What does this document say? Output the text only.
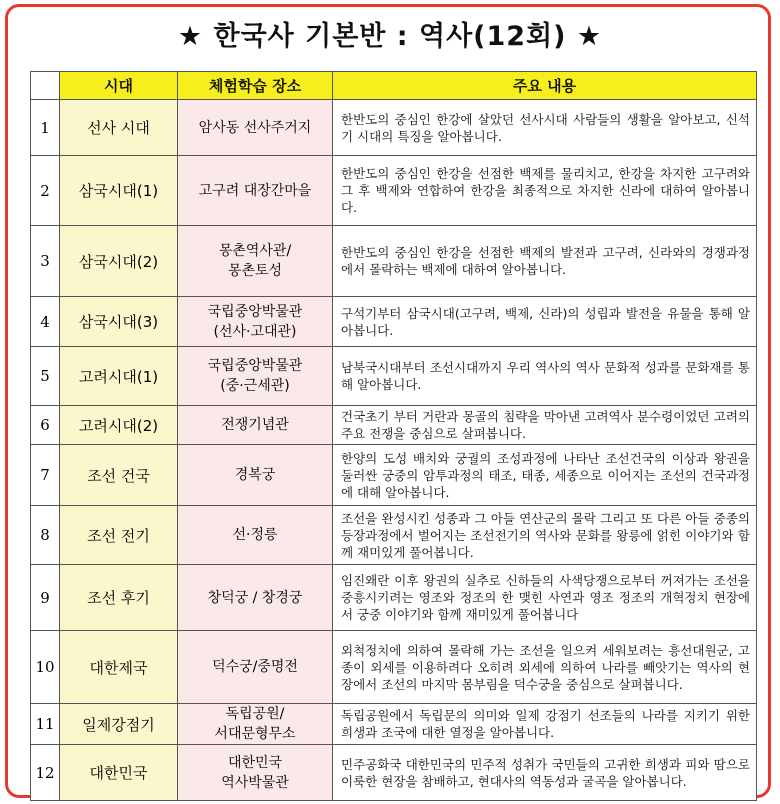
★ 한국사 기본반 : 역사(12회) ★
	시대	체험학습 장소	주요 내용
1	선사 시대	암사동 선사주거지	한반도의 중심인 한강에 살았던 선사시대 사람들의 생활을 알아보고, 신석기 시대의 특징을 알아봅니다.
2	삼국시대(1)	고구려 대장간마을	한반도의 중심인 한강을 선점한 백제를 물리치고, 한강을 차지한 고구려와 그 후 백제와 연합하여 한강을 최종적으로 차지한 신라에 대하여 알아봅니다.
3	삼국시대(2)	몽촌역사관/
몽촌토성	한반도의 중심인 한강을 선점한 백제의 발전과 고구려, 신라와의 경쟁과정에서 몰락하는 백제에 대하여 알아봅니다.
4	삼국시대(3)	국립중앙박물관
(선사·고대관)	구석기부터 삼국시대(고구려, 백제, 신라)의 성립과 발전을 유물을 통해 알아봅니다.
5	고려시대(1)	국립중앙박물관
(중·근세관)	남북국시대부터 조선시대까지 우리 역사의 역사 문화적 성과를 문화재를 통해 알아봅니다.
6	고려시대(2)	전쟁기념관	건국초기 부터 거란과 몽골의 침략을 막아낸 고려역사 분수령이었던 고려의 주요 전쟁을 중심으로 살펴봅니다.
7	조선 건국	경복궁	한양의 도성 배치와 궁궐의 조성과정에 나타난 조선건국의 이상과 왕권을 둘러싼 궁중의 암투과정의 태조, 태종, 세종으로 이어지는 조선의 건국과정에 대해 알아봅니다.
8	조선 전기	선·정릉	조선을 완성시킨 성종과 그 아들 연산군의 몰락 그리고 또 다른 아들 중종의 등장과정에서 벌어지는 조선전기의 역사와 문화를 왕릉에 얽힌 이야기와 함께 재미있게 풀어봅니다.
9	조선 후기	창덕궁 / 창경궁	임진왜란 이후 왕권의 실추로 신하들의 사색당쟁으로부터 꺼져가는 조선을 중흥시키려는 영조와 정조의 한 맺힌 사연과 영조 정조의 개혁정치 현장에서 궁중 이야기와 함께 재미있게 풀어봅니다
10	대한제국	덕수궁/중명전	외척정치에 의하여 몰락해 가는 조선을 일으켜 세워보려는 흥선대원군, 고종이 외세를 이용하려다 오히려 외세에 의하여 나라를 빼앗기는 역사의 현장에서 조선의 마지막 몸부림을 덕수궁을 중심으로 살펴봅니다.
11	일제강점기	독립공원/
서대문형무소	독립공원에서 독립문의 의미와 일제 강점기 선조들의 나라를 지키기 위한 희생과 조국에 대한 열정을 알아봅니다.
12	대한민국	대한민국
역사박물관	민주공화국 대한민국의 민주적 성취가 국민들의 고귀한 희생과 피와 땀으로 이룩한 현장을 참배하고, 현대사의 역동성과 굴곡을 알아봅니다.
